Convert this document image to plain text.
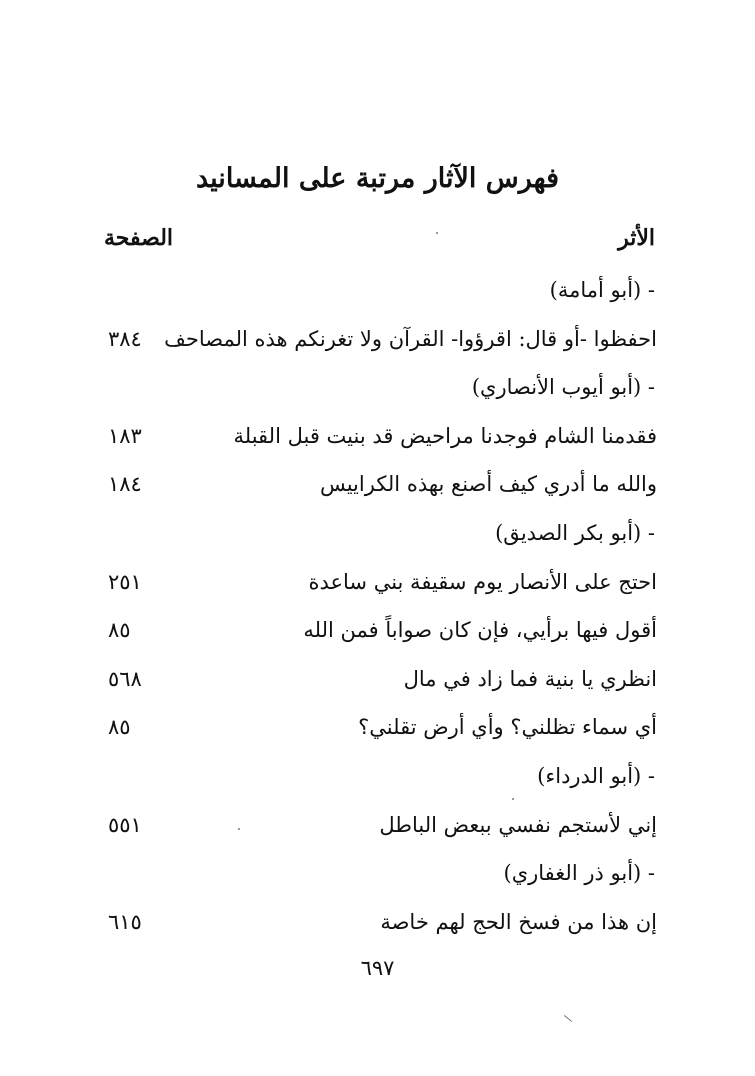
فهرس الآثار مرتبة على المسانيد
الأثر
الصفحة
- (أبو أمامة)
احفظوا -أو قال: اقرؤوا- القرآن ولا تغرنكم هذه المصاحف
٣٨٤
- (أبو أيوب الأنصاري)
فقدمنا الشام فوجدنا مراحيض قد بنيت قبل القبلة
١٨٣
والله ما أدري كيف أصنع بهذه الكراييس
١٨٤
- (أبو بكر الصديق)
احتج على الأنصار يوم سقيفة بني ساعدة
٢٥١
أقول فيها برأيي، فإن كان صواباً فمن الله
٨٥
انظري يا بنية فما زاد في مال
٥٦٨
أي سماء تظلني؟ وأي أرض تقلني؟
٨٥
- (أبو الدرداء)
إني لأستجم نفسي ببعض الباطل
٥٥١
- (أبو ذر الغفاري)
إن هذا من فسخ الحج لهم خاصة
٦١٥
٦٩٧
